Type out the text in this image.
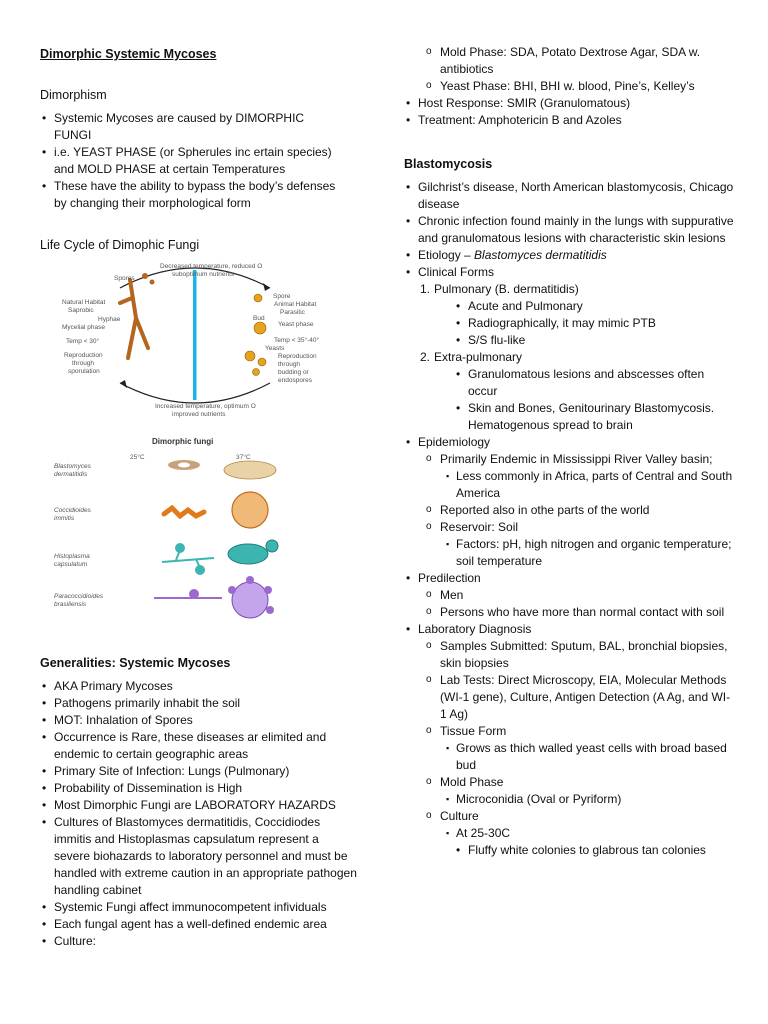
Dimorphic Systemic Mycoses
Dimorphism
• Systemic Mycoses are caused by DIMORPHIC FUNGI
• i.e. YEAST PHASE (or Spherules inc ertain species) and MOLD PHASE at certain Temperatures
• These have the ability to bypass the body’s defenses by changing their morphological form
Life Cycle of Dimophic Fungi
Decreased temperature, reduced O
suboptimum nutrients
Increased temperature, optimum O
improved nutrients
Spores
Spore
Natural Habitat
Saprobic
Hyphae
Mycelial phase
Temp < 30°
Reproduction
through
sporulation
Animal Habitat
Parasitic
Bud
Yeast phase
Temp < 35°-40°
Yeasts
Reproduction
through
budding or
endospores
Dimorphic fungi
25°C	37°C
Blastomyces
dermatitidis
Coccidioides
immitis
Histoplasma
capsulatum
Paracoccidioides
brasiliensis
Generalities: Systemic Mycoses
• AKA Primary Mycoses
• Pathogens primarily inhabit the soil
• MOT: Inhalation of Spores
• Occurrence is Rare, these diseases ar elimited and endemic to certain geographic areas
• Primary Site of Infection: Lungs (Pulmonary)
• Probability of Dissemination is High
• Most Dimorphic Fungi are LABORATORY HAZARDS
• Cultures of Blastomyces dermatitidis, Coccidiodes immitis and Histoplasmas capsulatum represent a severe biohazards to laboratory personnel and must be handled with extreme caution in an appropriate pathogen handling cabinet
• Systemic Fungi affect immunocompetent infividuals
• Each fungal agent has a well-defined endemic area
• Culture:
o Mold Phase: SDA, Potato Dextrose Agar, SDA w. antibiotics
o Yeast Phase: BHI, BHI w. blood, Pine’s, Kelley’s
• Host Response: SMIR (Granulomatous)
• Treatment: Amphotericin B and Azoles
Blastomycosis
• Gilchrist’s disease, North American blastomycosis, Chicago disease
• Chronic infection found mainly in the lungs with suppurative and granulomatous lesions with characteristic skin lesions
• Etiology – Blastomyces dermatitidis
• Clinical Forms
1. Pulmonary (B. dermatitidis)
• Acute and Pulmonary
• Radiographically, it may mimic PTB
• S/S flu-like
2. Extra-pulmonary
• Granulomatous lesions and abscesses often occur
• Skin and Bones, Genitourinary Blastomycosis. Hematogenous spread to brain
• Epidemiology
o Primarily Endemic in Mississippi River Valley basin;
▪ Less commonly in Africa, parts of Central and South America
o Reported also in othe parts of the world
o Reservoir: Soil
▪ Factors: pH, high nitrogen and organic temperature; soil temperature
• Predilection
o Men
o Persons who have more than normal contact with soil
• Laboratory Diagnosis
o Samples Submitted: Sputum, BAL, bronchial biopsies, skin biopsies
o Lab Tests: Direct Microscopy, EIA, Molecular Methods (WI-1 gene), Culture, Antigen Detection (A Ag, and WI-1 Ag)
o Tissue Form
▪ Grows as thich walled yeast cells with broad based bud
o Mold Phase
▪ Microconidia (Oval or Pyriform)
o Culture
▪ At 25-30C
• Fluffy white colonies to glabrous tan colonies
